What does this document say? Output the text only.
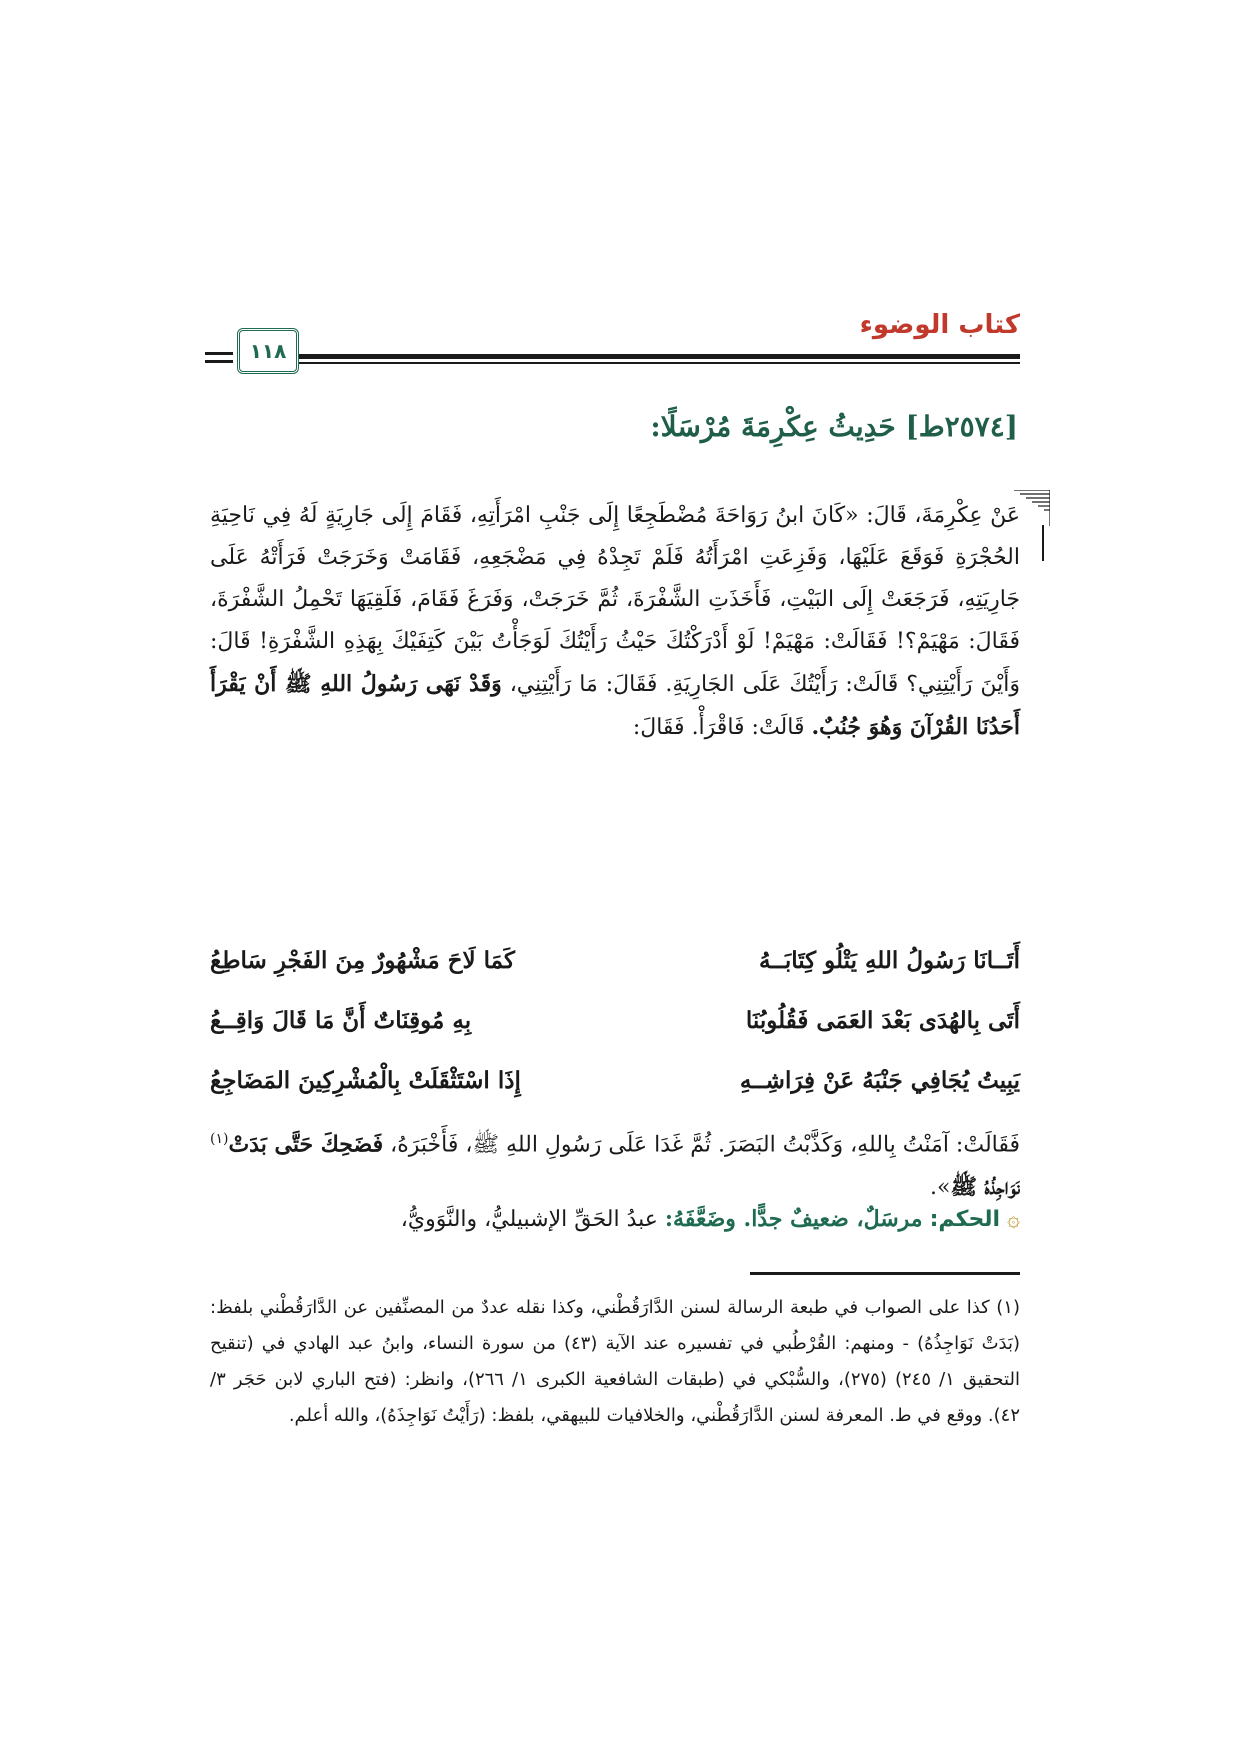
كتاب الوضوء
١١٨
[٢٥٧٤ط] حَدِيثُ عِكْرِمَةَ مُرْسَلًا:

عَنْ عِكْرِمَةَ، قَالَ: «كَانَ ابنُ رَوَاحَةَ مُضْطَجِعًا إِلَى جَنْبِ امْرَأَتِهِ، فَقَامَ إِلَى جَارِيَةٍ لَهُ فِي نَاحِيَةِ الحُجْرَةِ فَوَقَعَ عَلَيْهَا، وَفَزِعَتِ امْرَأَتُهُ فَلَمْ تَجِدْهُ فِي مَضْجَعِهِ، فَقَامَتْ وَخَرَجَتْ فَرَأَتْهُ عَلَى جَارِيَتِهِ، فَرَجَعَتْ إِلَى البَيْتِ، فَأَخَذَتِ الشَّفْرَةَ، ثُمَّ خَرَجَتْ، وَفَرَغَ فَقَامَ، فَلَقِيَهَا تَحْمِلُ الشَّفْرَةَ، فَقَالَ: مَهْيَمْ؟! فَقَالَتْ: مَهْيَمْ! لَوْ أَدْرَكْتُكَ حَيْثُ رَأَيْتُكَ لَوَجَأْتُ بَيْنَ كَتِفَيْكَ بِهَذِهِ الشَّفْرَةِ! قَالَ: وَأَيْنَ رَأَيْتِنِي؟ قَالَتْ: رَأَيْتُكَ عَلَى الجَارِيَةِ. فَقَالَ: مَا رَأَيْتِنِي، وَقَدْ نَهَى رَسُولُ اللهِ ﷺ أَنْ يَقْرَأَ أَحَدُنَا القُرْآنَ وَهُوَ جُنُبٌ. قَالَتْ: فَاقْرَأْ. فَقَالَ:

أَتَــانَا رَسُولُ اللهِ يَتْلُو كِتَابَــهُ
كَمَا لَاحَ مَشْهُورٌ مِنَ الفَجْرِ سَاطِعُ
أَتَى بِالهُدَى بَعْدَ العَمَى فَقُلُوبُنَا
بِهِ مُوقِنَاتٌ أَنَّ مَا قَالَ وَاقِــعُ
يَبِيتُ يُجَافِي جَنْبَهُ عَنْ فِرَاشِــهِ
إِذَا اسْتَثْقَلَتْ بِالْمُشْرِكِينَ المَضَاجِعُ

فَقَالَتْ: آمَنْتُ بِاللهِ، وَكَذَّبْتُ البَصَرَ. ثُمَّ غَدَا عَلَى رَسُولِ اللهِ ﷺ، فَأَخْبَرَهُ، فَضَحِكَ حَتَّى بَدَتْ$^{(١)}$ نَوَاجِذُهُ ﷺ».

۞ الحكم: مرسَلٌ، ضعيفٌ جدًّا. وضَعَّفَهُ: عبدُ الحَقِّ الإشبيليُّ، والنَّوَويُّ،

(١) كذا على الصواب في طبعة الرسالة لسنن الدَّارَقُطْني، وكذا نقله عددٌ من المصنِّفين عن الدَّارَقُطْني بلفظ: (بَدَتْ نَوَاجِذُهُ) - ومنهم: القُرْطُبي في تفسيره عند الآية (٤٣) من سورة النساء، وابنُ عبد الهادي في (تنقيح التحقيق ١/ ٢٤٥) (٢٧٥)، والسُّبْكي في (طبقات الشافعية الكبرى ١/ ٢٦٦)، وانظر: (فتح الباري لابن حَجَر ٣/ ٤٢). ووقع في ط. المعرفة لسنن الدَّارَقُطْني، والخلافيات للبيهقي، بلفظ: (رَأَيْتُ نَوَاجِذَهُ)، والله أعلم.
